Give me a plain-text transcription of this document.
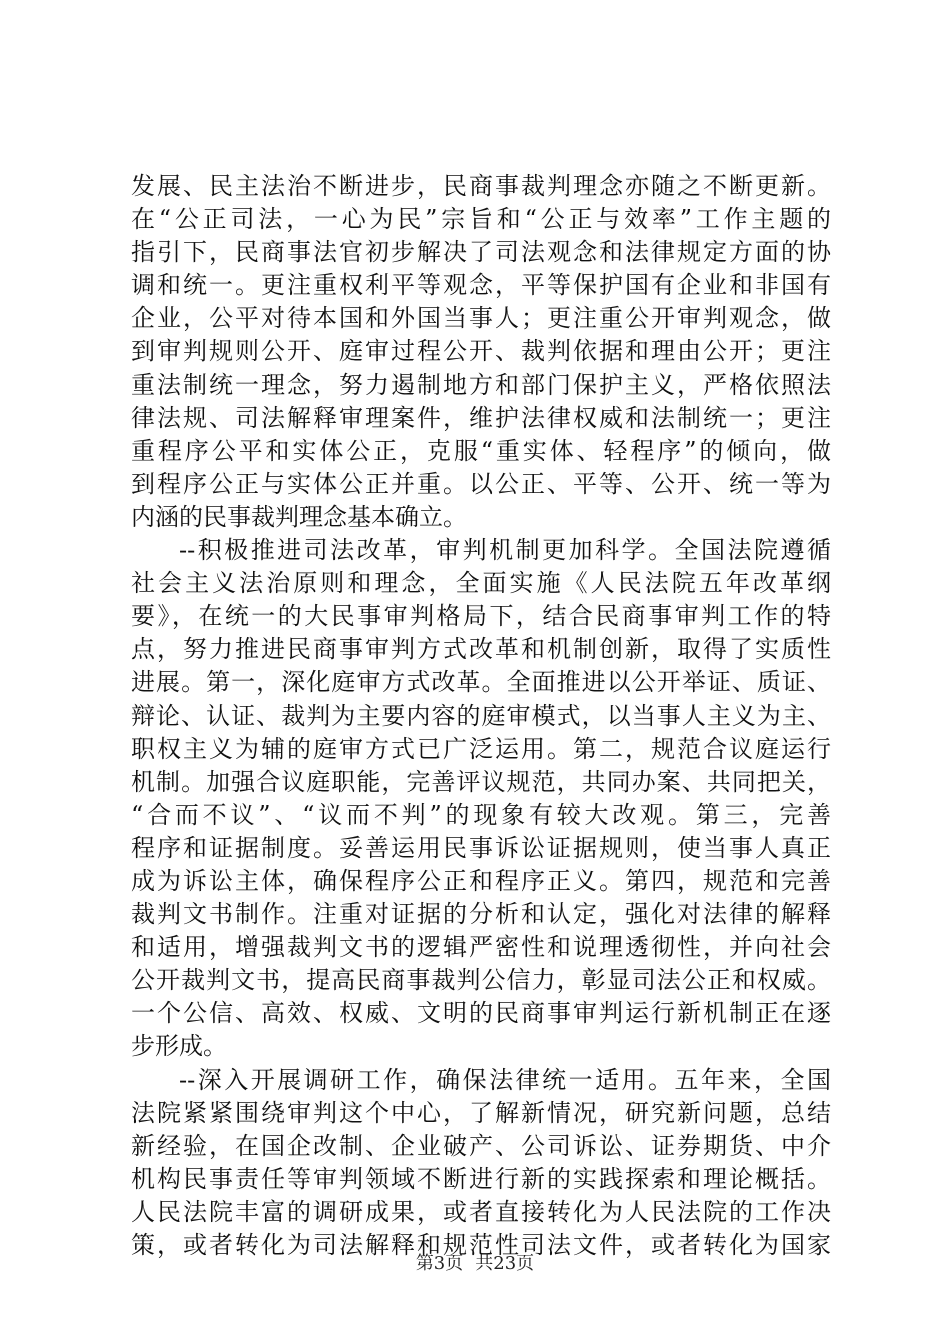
发展、民主法治不断进步，民商事裁判理念亦随之不断更新。
在“公正司法，一心为民”宗旨和“公正与效率”工作主题的
指引下，民商事法官初步解决了司法观念和法律规定方面的协
调和统一。更注重权利平等观念，平等保护国有企业和非国有
企业，公平对待本国和外国当事人；更注重公开审判观念，做
到审判规则公开、庭审过程公开、裁判依据和理由公开；更注
重法制统一理念，努力遏制地方和部门保护主义，严格依照法
律法规、司法解释审理案件，维护法律权威和法制统一；更注
重程序公平和实体公正，克服“重实体、轻程序”的倾向，做
到程序公正与实体公正并重。以公正、平等、公开、统一等为
内涵的民事裁判理念基本确立。
--积极推进司法改革，审判机制更加科学。全国法院遵循
社会主义法治原则和理念，全面实施《人民法院五年改革纲
要》，在统一的大民事审判格局下，结合民商事审判工作的特
点，努力推进民商事审判方式改革和机制创新，取得了实质性
进展。第一，深化庭审方式改革。全面推进以公开举证、质证、
辩论、认证、裁判为主要内容的庭审模式，以当事人主义为主、
职权主义为辅的庭审方式已广泛运用。第二，规范合议庭运行
机制。加强合议庭职能，完善评议规范，共同办案、共同把关，
“合而不议”、“议而不判”的现象有较大改观。第三，完善
程序和证据制度。妥善运用民事诉讼证据规则，使当事人真正
成为诉讼主体，确保程序公正和程序正义。第四，规范和完善
裁判文书制作。注重对证据的分析和认定，强化对法律的解释
和适用，增强裁判文书的逻辑严密性和说理透彻性，并向社会
公开裁判文书，提高民商事裁判公信力，彰显司法公正和权威。
一个公信、高效、权威、文明的民商事审判运行新机制正在逐
步形成。
--深入开展调研工作，确保法律统一适用。五年来，全国
法院紧紧围绕审判这个中心，了解新情况，研究新问题，总结
新经验，在国企改制、企业破产、公司诉讼、证券期货、中介
机构民事责任等审判领域不断进行新的实践探索和理论概括。
人民法院丰富的调研成果，或者直接转化为人民法院的工作决
策，或者转化为司法解释和规范性司法文件，或者转化为国家
第3页 共23页
